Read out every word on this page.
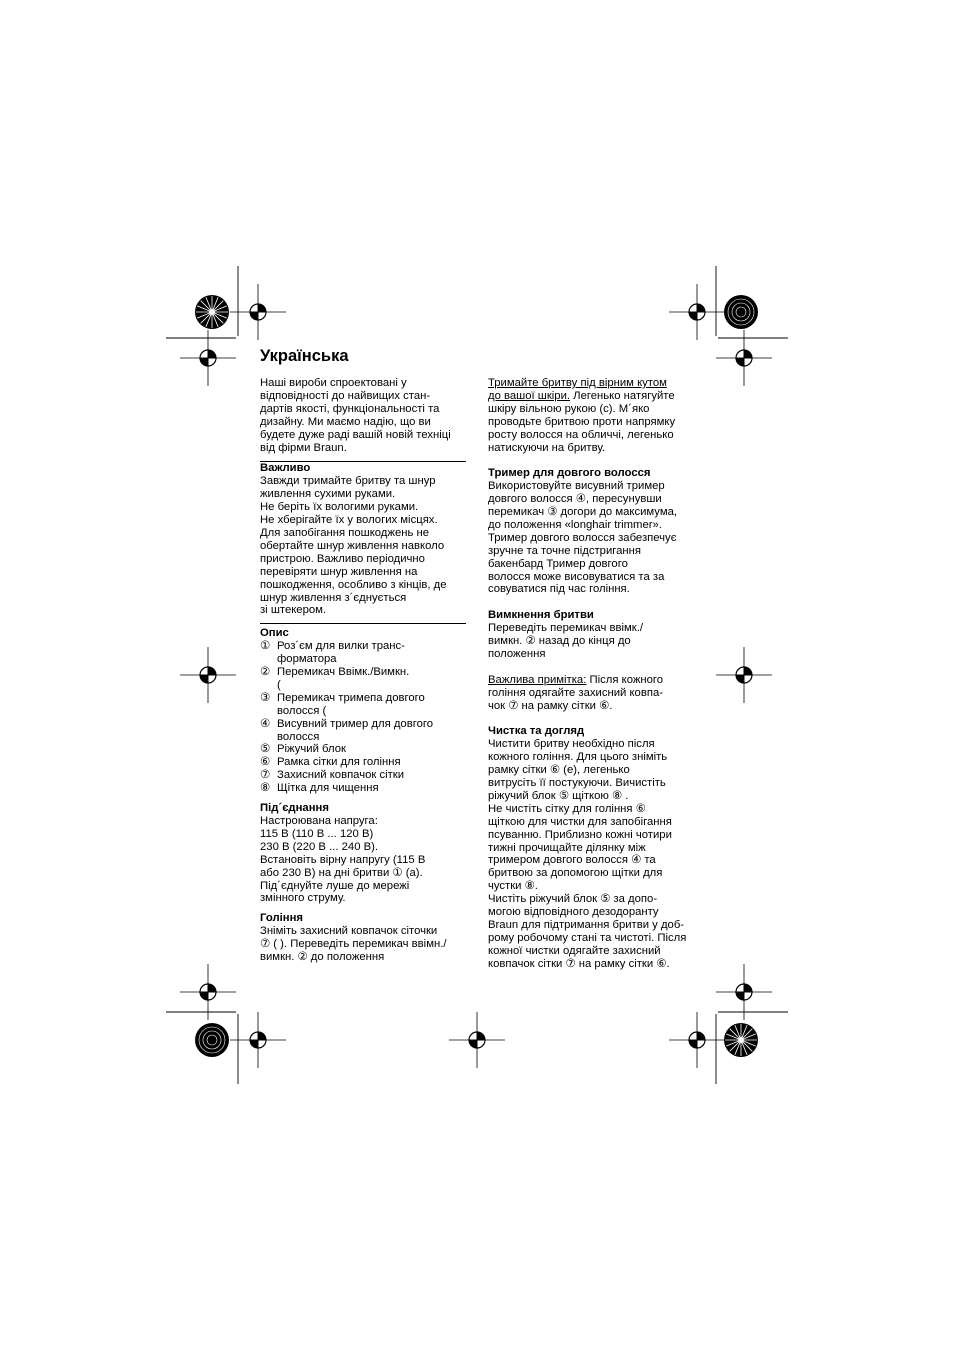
Українська

Наші вироби спроектовані у
відповідності до найвищих стан-
дартів якості, функціональності та
дизайну. Ми маємо надію, що ви
будете дуже раді вашій новій техніці
від фірми Braun.

Важливо

Завжди тримайте бритву та шнур
живлення сухими руками.
Не беріть їх вологими руками.
Не хберігайте їх у вологих місцях.
Для запобігання пошкоджень не
обертайте шнур живлення навколо
пристрою. Важливо періодично
перевіряти шнур живлення на
пошкодження, особливо з кінців, де
шнур живлення з´єднується
зі штекером.

Опис

① Роз´єм для вилки транс-
форматора
② Перемикач Ввімк./Вимкн.
(
③ Перемикач тримепа довгого
волосся (
④ Висувний тример для довгого
волосся
⑤ Ріжучий блок
⑥ Рамка сітки для гоління
⑦ Захисний ковпачок сітки
⑧ Щітка для чищення

Під´єднання

Настроювана напруга:
115 В (110 В ... 120 В)
230 В (220 В ... 240 В).
Встановіть вірну напругу (115 В
або 230 В) на дні бритви ① (а).
Під´єднуйте луше до мережі
змінного струму.

Гоління

Зніміть захисний ковпачок сіточки
⑦ ( ). Переведіть перемикач ввімн./
вимкн. ② до положення

Тримайте бритву під вірним кутом
до вашої шкіри. Легенько натягуйте
шкіру вільною рукою (с). М´яко
проводьте бритвою проти напрямку
росту волосся на обличчі, легенько
натискуючи на бритву.

Тример для довгого волосся

Використовуйте висувний тример
довгого волосся ④, пересунувши
перемикач ③ догори до максимума,
до положення «longhair trimmer».
Тример довгого волосся забезпечує
зручне та точне підстригання
бакенбард Тример довгого
волосся може висовуватися та за
совуватися під час гоління.

Вимкнення бритви

Переведіть перемикач ввімк./
вимкн. ② назад до кінця до
положення

Важлива примітка: Після кожного
гоління одягайте захисний ковпа-
чок ⑦ на рамку сітки ⑥.

Чистка та догляд

Чистити бритву необхідно після
кожного гоління. Для цього зніміть
рамку сітки ⑥ (е), легенько
витрусіть її постукуючи. Вичистіть
ріжучий блок ⑤ щіткою ⑧ .
Не чистіть сітку для гоління ⑥
щіткою для чистки для запобігання
псуванню. Приблизно кожні чотири
тижні прочищайте ділянку між
тримером довгого волосся ④ та
бритвою за допомогою щітки для
чустки ⑧.
Чистіть ріжучий блок ⑤ за допо-
могою відповідного дезодоранту
Braun для підтримання бритви у доб-
рому робочому стані та чистоті. Після
кожної чистки одягайте захисний
ковпачок сітки ⑦ на рамку сітки ⑥.
